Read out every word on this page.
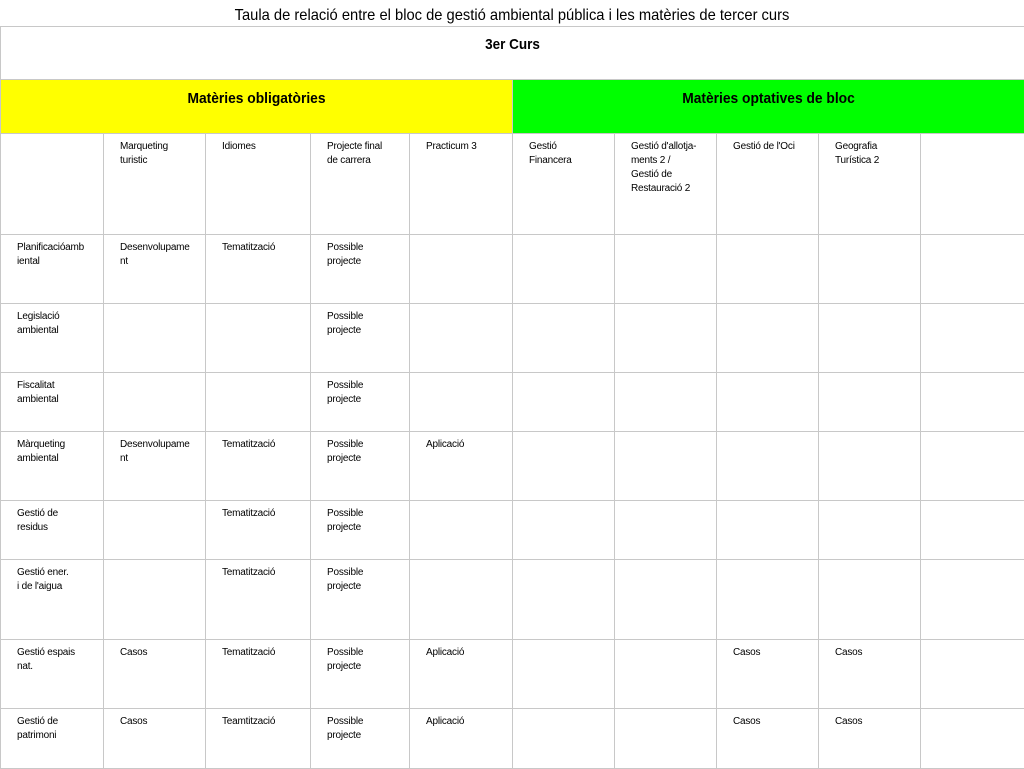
Taula de relació entre el bloc de gestió ambiental pública i les matèries de tercer curs
3er Curs									

Matèries obligatòries					Matèries optatives de bloc				

	Marqueting
turistic	Idiomes	Projecte final
de carrera	Practicum 3	Gestió
Financera	Gestió d'allotja-
ments 2 /
Gestió de
Restauració 2	Gestió de l'Oci	Geografia
Turística 2	

Planificacióamb
iental	Desenvolupame
nt	Tematització	Possible
projecte						

Legislació
ambiental			Possible
projecte						

Fiscalitat
ambiental			Possible
projecte						

Màrqueting
ambiental	Desenvolupame
nt	Tematització	Possible
projecte	Aplicació					

Gestió de
residus		Tematització	Possible
projecte						

Gestió ener.
i de l'aigua		Tematització	Possible
projecte						

Gestió espais
nat.	Casos	Tematització	Possible
projecte	Aplicació			Casos	Casos	

Gestió de
patrimoni	Casos	Teamtització	Possible
projecte	Aplicació			Casos	Casos	
